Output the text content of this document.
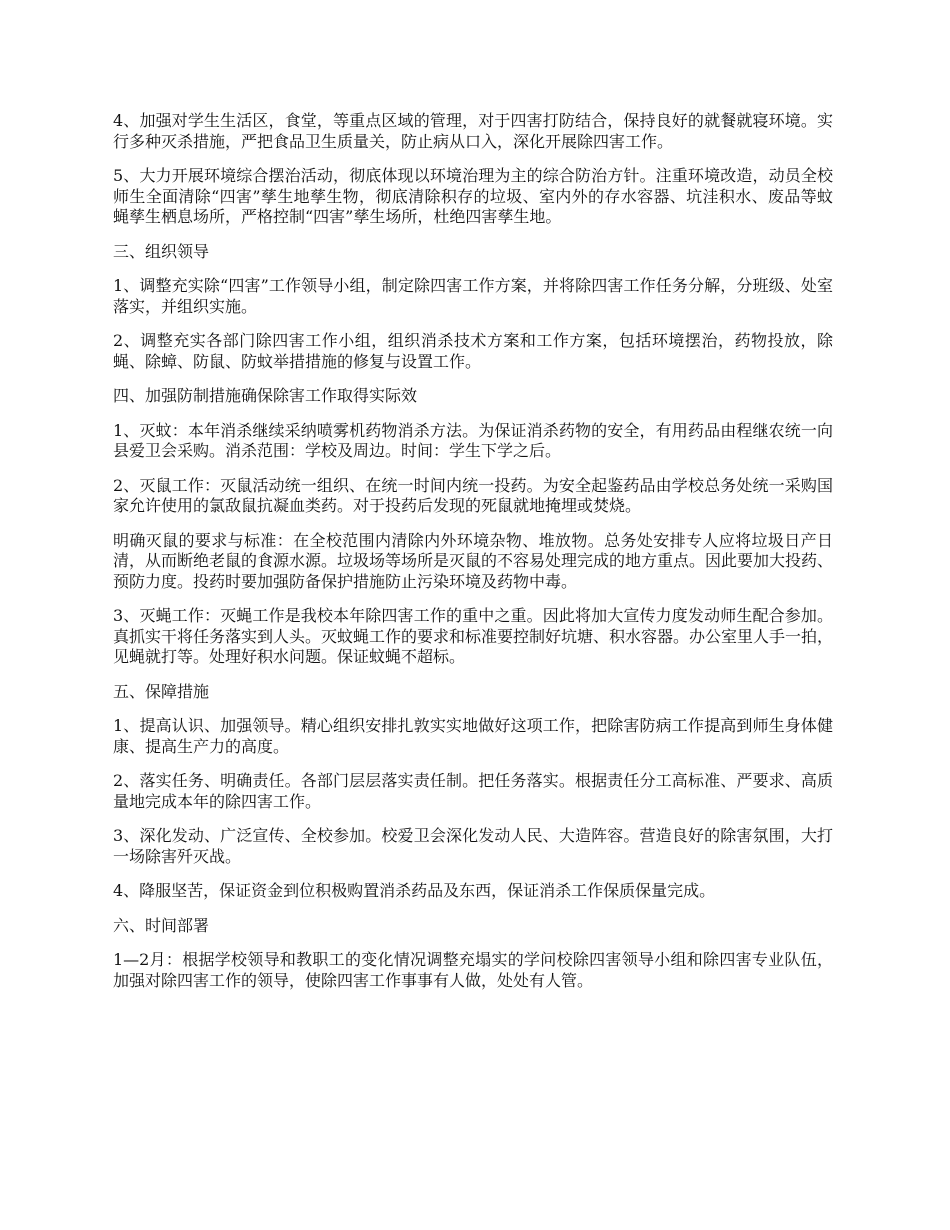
4、加强对学生生活区，食堂，等重点区域的管理，对于四害打防结合，保持良好的就餐就寝环境。实行多种灭杀措施，严把食品卫生质量关，防止病从口入，深化开展除四害工作。

5、大力开展环境综合摆治活动，彻底体现以环境治理为主的综合防治方针。注重环境改造，动员全校师生全面清除“四害”孳生地孳生物，彻底清除积存的垃圾、室内外的存水容器、坑洼积水、废品等蚊蝇孳生栖息场所，严格控制“四害”孳生场所，杜绝四害孳生地。

三、组织领导

1、调整充实除“四害”工作领导小组，制定除四害工作方案，并将除四害工作任务分解，分班级、处室落实，并组织实施。

2、调整充实各部门除四害工作小组，组织消杀技术方案和工作方案，包括环境摆治，药物投放，除蝇、除蟑、防鼠、防蚊举措措施的修复与设置工作。

四、加强防制措施确保除害工作取得实际效

1、灭蚊：本年消杀继续采纳喷雾机药物消杀方法。为保证消杀药物的安全，有用药品由程继农统一向县爱卫会采购。消杀范围：学校及周边。时间：学生下学之后。

2、灭鼠工作：灭鼠活动统一组织、在统一时间内统一投药。为安全起鉴药品由学校总务处统一采购国家允许使用的氯敌鼠抗凝血类药。对于投药后发现的死鼠就地掩埋或焚烧。

明确灭鼠的要求与标准：在全校范围内清除内外环境杂物、堆放物。总务处安排专人应将垃圾日产日清，从而断绝老鼠的食源水源。垃圾场等场所是灭鼠的不容易处理完成的地方重点。因此要加大投药、预防力度。投药时要加强防备保护措施防止污染环境及药物中毒。

3、灭蝇工作：灭蝇工作是我校本年除四害工作的重中之重。因此将加大宣传力度发动师生配合参加。真抓实干将任务落实到人头。灭蚊蝇工作的要求和标准要控制好坑塘、积水容器。办公室里人手一拍，见蝇就打等。处理好积水问题。保证蚊蝇不超标。

五、保障措施

1、提高认识、加强领导。精心组织安排扎敦实实地做好这项工作，把除害防病工作提高到师生身体健康、提高生产力的高度。

2、落实任务、明确责任。各部门层层落实责任制。把任务落实。根据责任分工高标准、严要求、高质量地完成本年的除四害工作。

3、深化发动、广泛宣传、全校参加。校爱卫会深化发动人民、大造阵容。营造良好的除害氛围，大打一场除害歼灭战。

4、降服坚苦，保证资金到位积极购置消杀药品及东西，保证消杀工作保质保量完成。

六、时间部署

1—2月：根据学校领导和教职工的变化情况调整充塌实的学问校除四害领导小组和除四害专业队伍，加强对除四害工作的领导，使除四害工作事事有人做，处处有人管。
